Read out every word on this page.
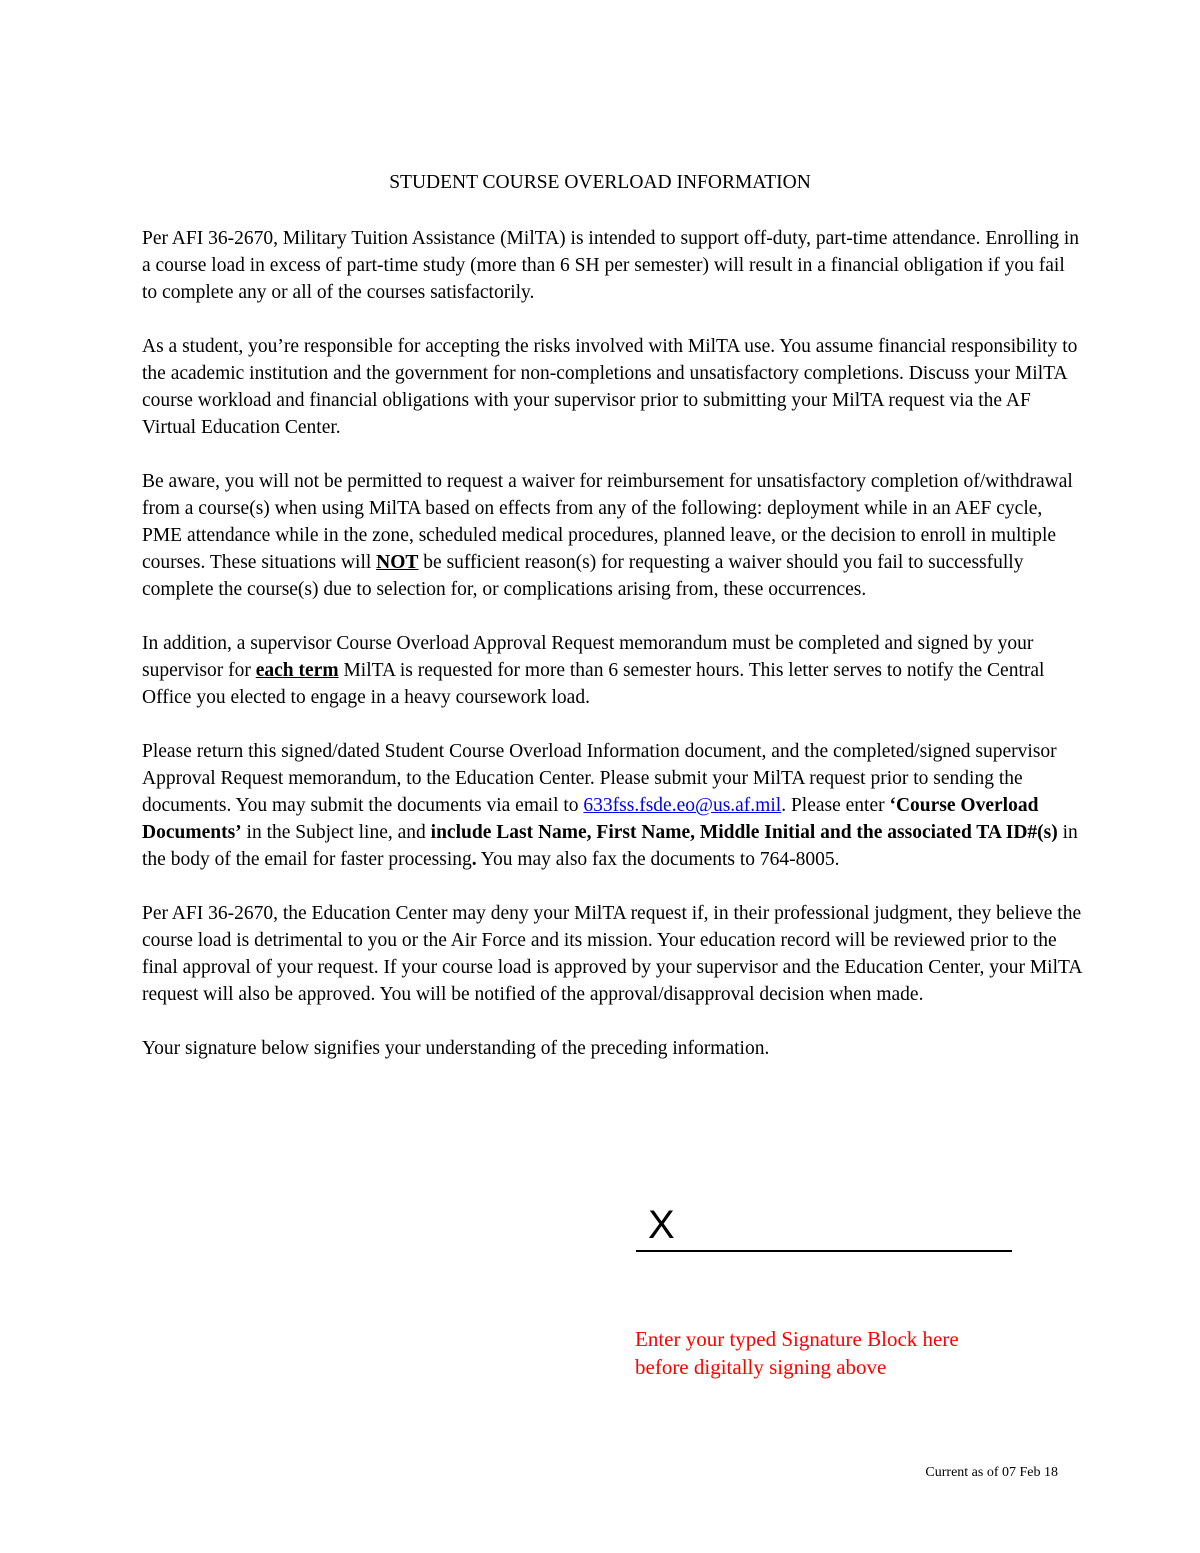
STUDENT COURSE OVERLOAD INFORMATION

Per AFI 36-2670, Military Tuition Assistance (MilTA) is intended to support off-duty, part-time attendance. Enrolling in a course load in excess of part-time study (more than 6 SH per semester) will result in a financial obligation if you fail to complete any or all of the courses satisfactorily.

As a student, you’re responsible for accepting the risks involved with MilTA use. You assume financial responsibility to the academic institution and the government for non-completions and unsatisfactory completions. Discuss your MilTA course workload and financial obligations with your supervisor prior to submitting your MilTA request via the AF Virtual Education Center.

Be aware, you will not be permitted to request a waiver for reimbursement for unsatisfactory completion of/withdrawal from a course(s) when using MilTA based on effects from any of the following: deployment while in an AEF cycle, PME attendance while in the zone, scheduled medical procedures, planned leave, or the decision to enroll in multiple courses. These situations will NOT be sufficient reason(s) for requesting a waiver should you fail to successfully complete the course(s) due to selection for, or complications arising from, these occurrences.

In addition, a supervisor Course Overload Approval Request memorandum must be completed and signed by your supervisor for each term MilTA is requested for more than 6 semester hours. This letter serves to notify the Central Office you elected to engage in a heavy coursework load.

Please return this signed/dated Student Course Overload Information document, and the completed/signed supervisor Approval Request memorandum, to the Education Center. Please submit your MilTA request prior to sending the documents. You may submit the documents via email to 633fss.fsde.eo@us.af.mil. Please enter ‘Course Overload Documents’ in the Subject line, and include Last Name, First Name, Middle Initial and the associated TA ID#(s) in the body of the email for faster processing. You may also fax the documents to 764-8005.

Per AFI 36-2670, the Education Center may deny your MilTA request if, in their professional judgment, they believe the course load is detrimental to you or the Air Force and its mission. Your education record will be reviewed prior to the final approval of your request. If your course load is approved by your supervisor and the Education Center, your MilTA request will also be approved. You will be notified of the approval/disapproval decision when made.

Your signature below signifies your understanding of the preceding information.

X
Enter your typed Signature Block here
before digitally signing above
Current as of 07 Feb 18
